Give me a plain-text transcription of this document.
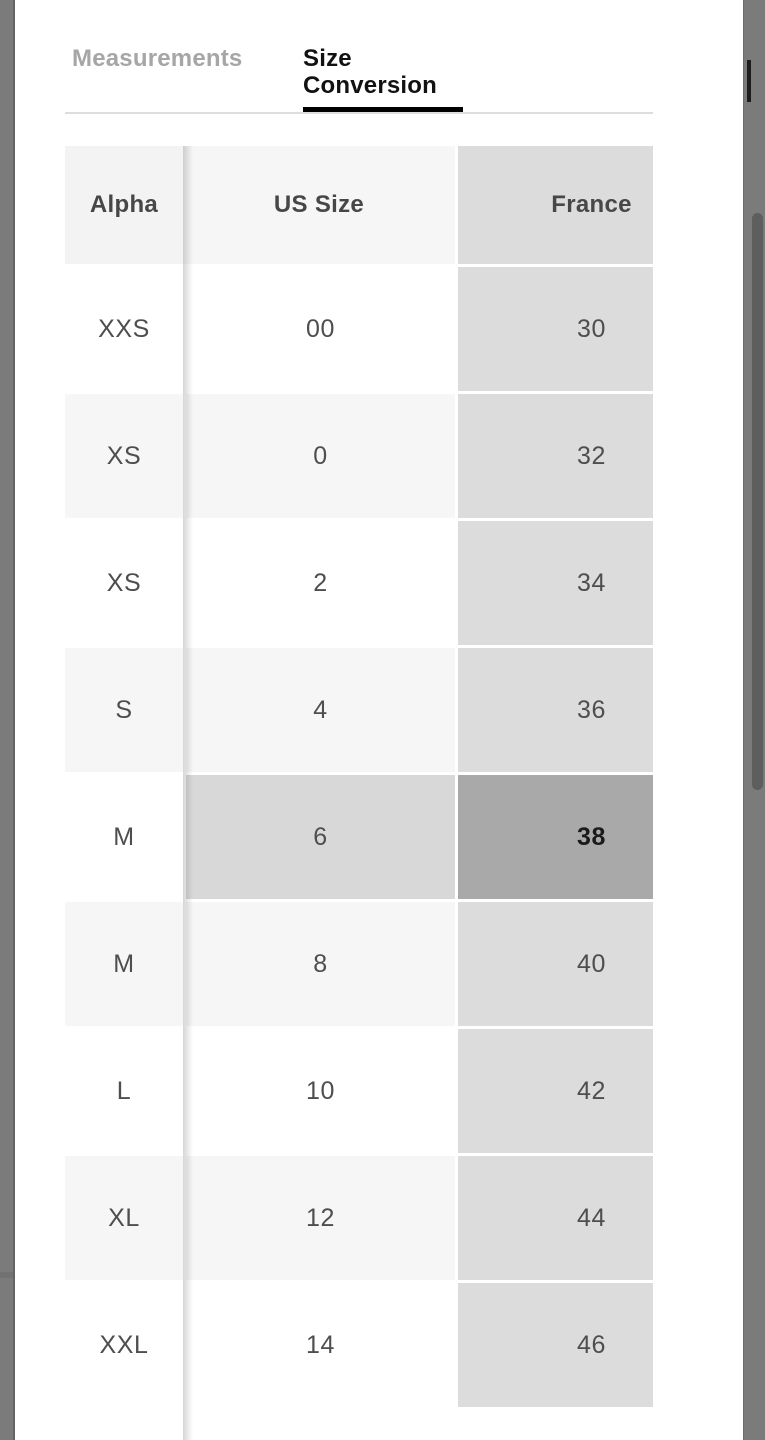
Measurements	Size Conversion
Alpha	US Size	France
XXS	00	30
XS	0	32
XS	2	34
S	4	36
M	6	38
M	8	40
L	10	42
XL	12	44
XXL	14	46
